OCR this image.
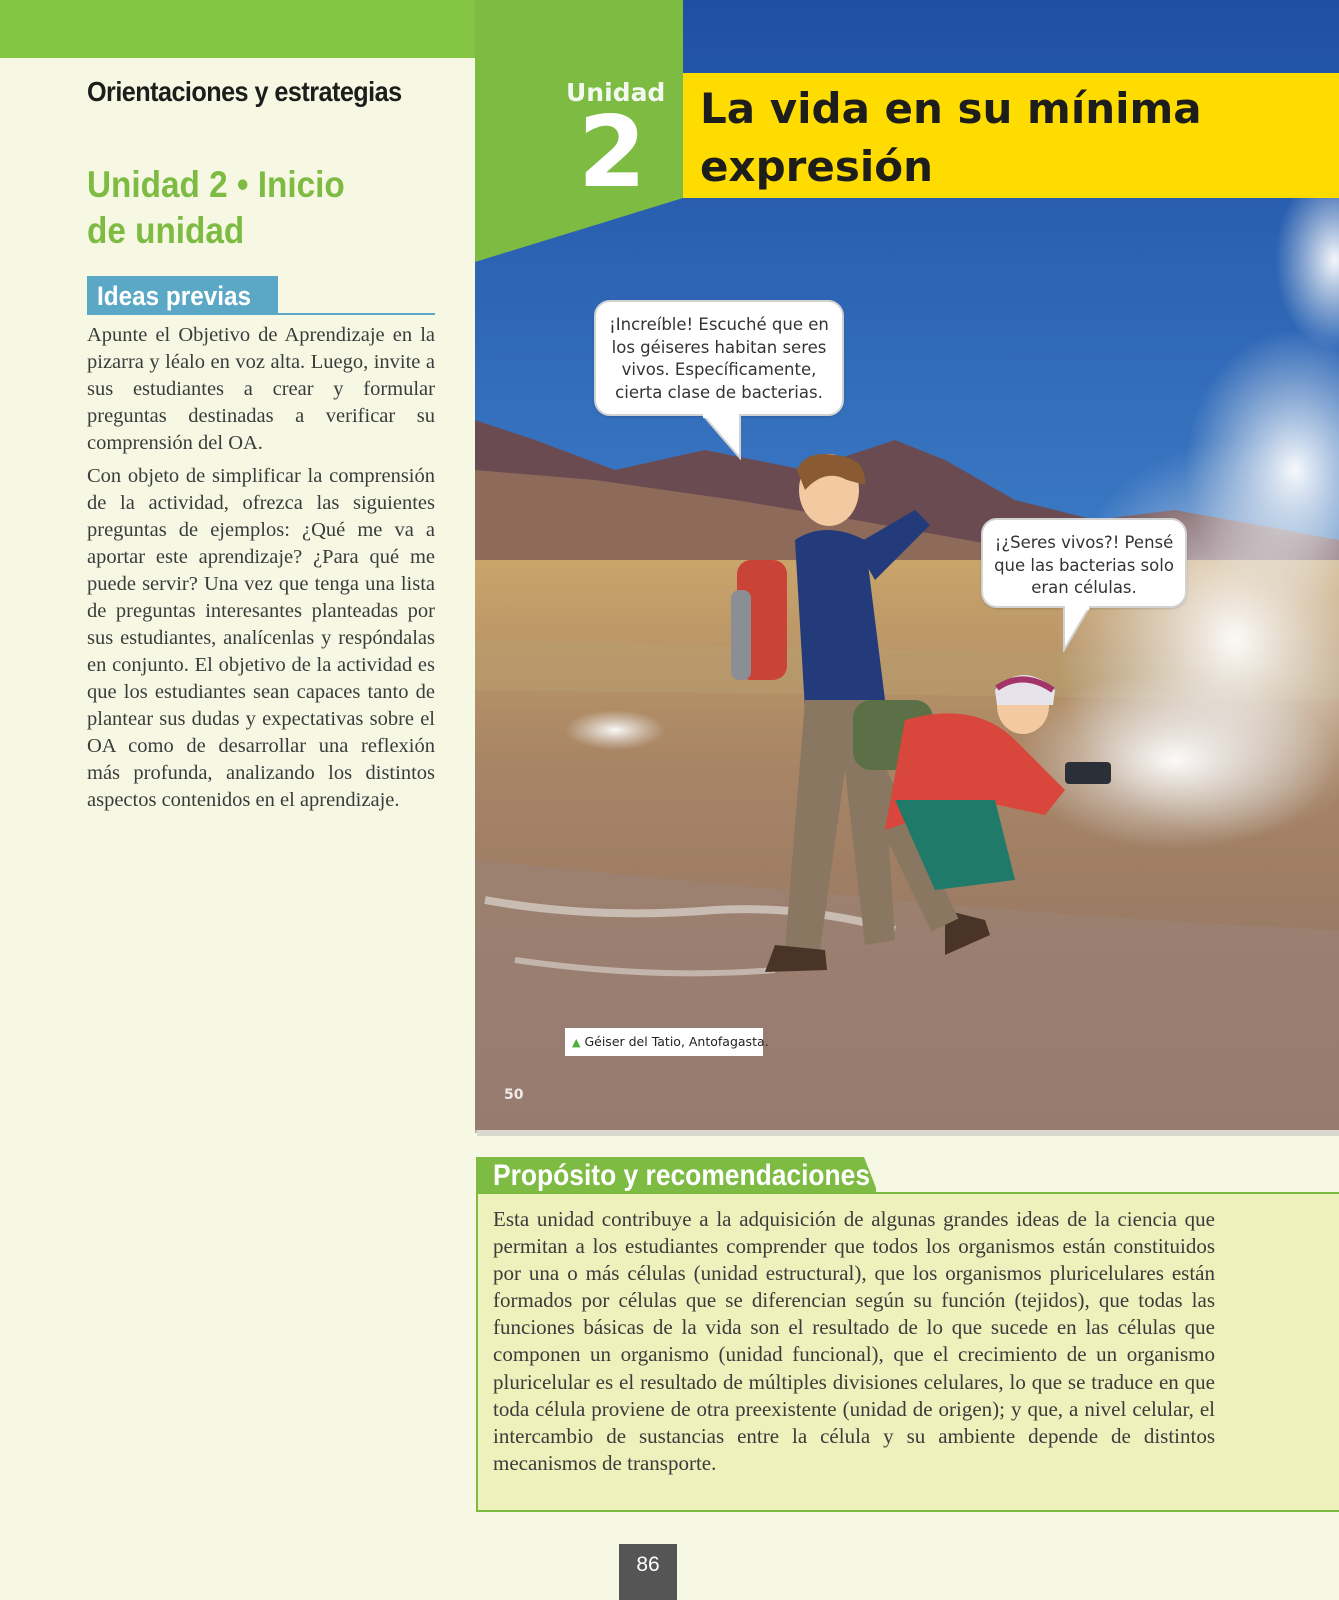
Orientaciones y estrategias
Unidad 2 • Inicio de unidad
Ideas previas

Apunte el Objetivo de Aprendizaje en la pizarra y léalo en voz alta. Luego, invite a sus estudiantes a crear y formular preguntas destinadas a verificar su comprensión del OA.

Con objeto de simplificar la comprensión de la actividad, ofrezca las siguientes preguntas de ejemplos: ¿Qué me va a aportar este aprendizaje? ¿Para qué me puede servir? Una vez que tenga una lista de preguntas interesantes planteadas por sus estudiantes, analícenlas y respóndalas en conjunto. El objetivo de la actividad es que los estudiantes sean capaces tanto de plantear sus dudas y expectativas sobre el OA como de desarrollar una reflexión más profunda, analizando los distintos aspectos contenidos en el aprendizaje.

La vida en su mínima expresión
Unidad
2
¡Increíble! Escuché que en los géiseres habitan seres vivos. Específicamente, cierta clase de bacterias.
¡¿Seres vivos?! Pensé que las bacterias solo eran células.
▲ Géiser del Tatio, Antofagasta.
50
Propósito y recomendaciones

Esta unidad contribuye a la adquisición de algunas grandes ideas de la ciencia que permitan a los estudiantes comprender que todos los organismos están constituidos por una o más células (unidad estructural), que los organismos pluricelulares están formados por células que se diferencian según su función (tejidos), que todas las funciones básicas de la vida son el resultado de lo que sucede en las células que componen un organismo (unidad funcional), que el crecimiento de un organismo pluricelular es el resultado de múltiples divisiones celulares, lo que se traduce en que toda célula proviene de otra preexistente (unidad de origen); y que, a nivel celular, el intercambio de sustancias entre la célula y su ambiente depende de distintos mecanismos de transporte.

86
